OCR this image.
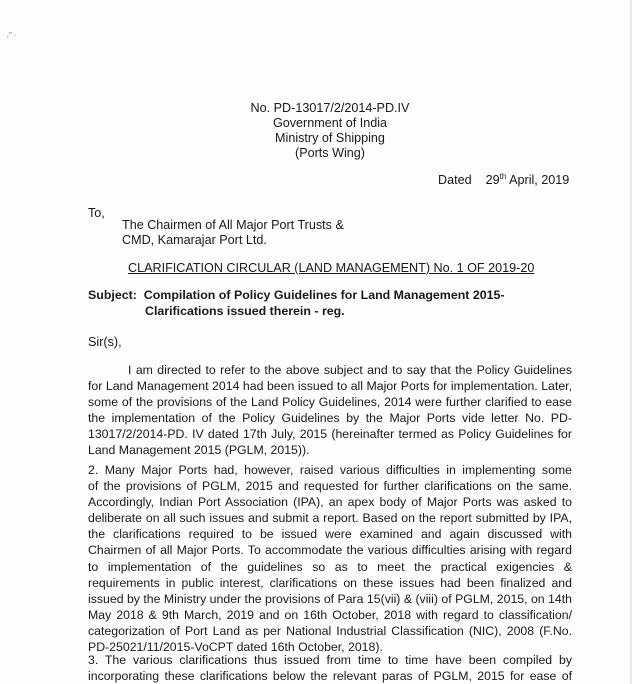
·ᵔ˒
No. PD-13017/2/2014-PD.IV
Government of India
Ministry of Shipping
(Ports Wing)
Dated 29th April, 2019
To,
The Chairmen of All Major Port Trusts &
CMD, Kamarajar Port Ltd.
CLARIFICATION CIRCULAR (LAND MANAGEMENT) No. 1 OF 2019-20
Subject: Compilation of Policy Guidelines for Land Management 2015-
Clarifications issued therein - reg.
Sir(s),
I am directed to refer to the above subject and to say that the Policy Guidelines
for Land Management 2014 had been issued to all Major Ports for implementation. Later,
some of the provisions of the Land Policy Guidelines, 2014 were further clarified to ease
the implementation of the Policy Guidelines by the Major Ports vide letter No. PD-
13017/2/2014-PD. IV dated 17th July, 2015 (hereinafter termed as Policy Guidelines for
Land Management 2015 (PGLM, 2015)).
2. Many Major Ports had, however, raised various difficulties in implementing some
of the provisions of PGLM, 2015 and requested for further clarifications on the same.
Accordingly, Indian Port Association (IPA), an apex body of Major Ports was asked to
deliberate on all such issues and submit a report. Based on the report submitted by IPA,
the clarifications required to be issued were examined and again discussed with
Chairmen of all Major Ports. To accommodate the various difficulties arising with regard
to implementation of the guidelines so as to meet the practical exigencies &
requirements in public interest, clarifications on these issues had been finalized and
issued by the Ministry under the provisions of Para 15(vii) & (viii) of PGLM, 2015, on 14th
May 2018 & 9th March, 2019 and on 16th October, 2018 with regard to classification/
categorization of Port Land as per National Industrial Classification (NIC), 2008 (F.No.
PD-25021/11/2015-VoCPT dated 16th October, 2018).
3. The various clarifications thus issued from time to time have been compiled by
incorporating these clarifications below the relevant paras of PGLM, 2015 for ease of
